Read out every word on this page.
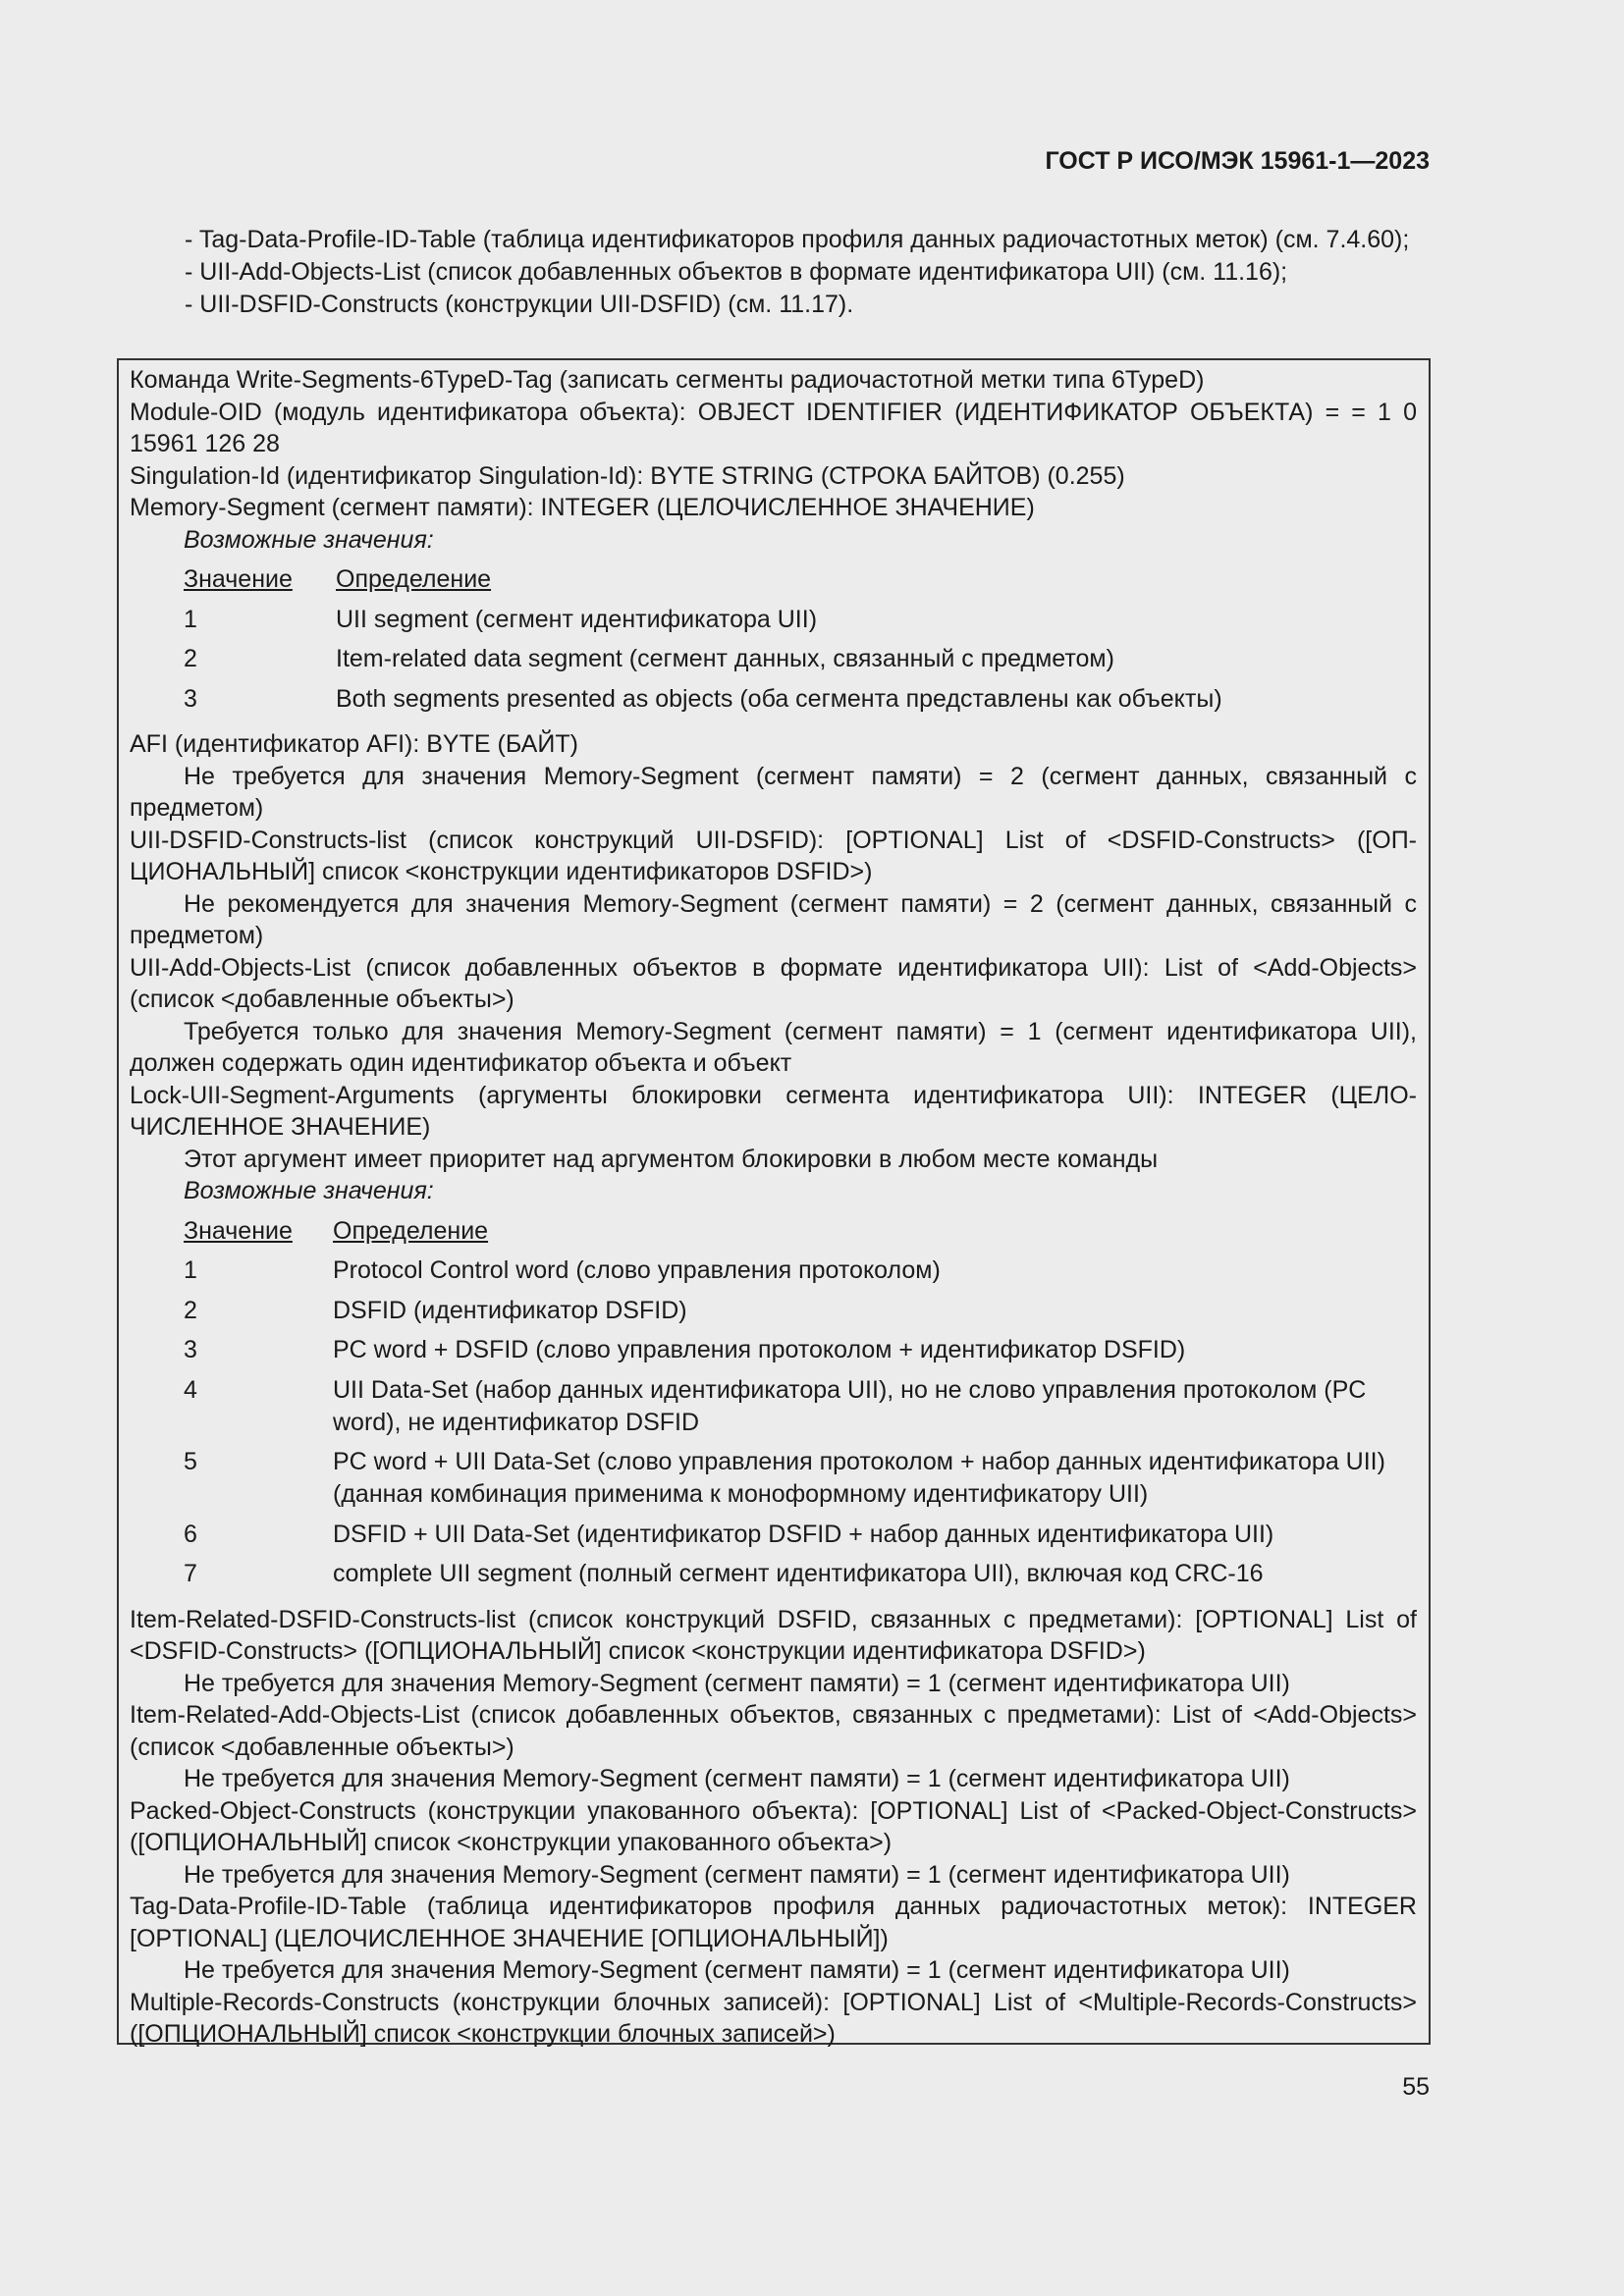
ГОСТ Р ИСО/МЭК 15961-1—2023

- Tag-Data-Profile-ID-Table (таблица идентификаторов профиля данных радиочастотных меток) (см. 7.4.60);

- UII-Add-Objects-List (список добавленных объектов в формате идентификатора UII) (см. 11.16);

- UII-DSFID-Constructs (конструкции UII-DSFID) (см. 11.17).

Команда Write-Segments-6TypeD-Tag (записать сегменты радиочастотной метки типа 6TypeD)

Module-OID (модуль идентификатора объекта): OBJECT IDENTIFIER (ИДЕНТИФИКАТОР ОБЪЕКТА) = = 1 0 15961 126 28

Singulation-Id (идентификатор Singulation-Id): BYTE STRING (СТРОКА БАЙТОВ) (0.255)

Memory-Segment (сегмент памяти): INTEGER (ЦЕЛОЧИСЛЕННОЕ ЗНАЧЕНИЕ)

Возможные значения:

Значение	Определение
1	UII segment (сегмент идентификатора UII)
2	Item-related data segment (сегмент данных, связанный с предметом)
3	Both segments presented as objects (оба сегмента представлены как объекты)

AFI (идентификатор AFI): BYTE (БАЙТ)

Не требуется для значения Memory-Segment (сегмент памяти) = 2 (сегмент данных, связанный с предметом)

UII-DSFID-Constructs-list (список конструкций UII-DSFID): [OPTIONAL] List of <DSFID-Constructs> ([ОПЦИОНАЛЬНЫЙ] список <конструкции идентификаторов DSFID>)

Не рекомендуется для значения Memory-Segment (сегмент памяти) = 2 (сегмент данных, связанный с предметом)

UII-Add-Objects-List (список добавленных объектов в формате идентификатора UII): List of <Add-Objects> (список <добавленные объекты>)

Требуется только для значения Memory-Segment (сегмент памяти) = 1 (сегмент идентификатора UII), должен содержать один идентификатор объекта и объект

Lock-UII-Segment-Arguments (аргументы блокировки сегмента идентификатора UII): INTEGER (ЦЕЛОЧИСЛЕННОЕ ЗНАЧЕНИЕ)

Этот аргумент имеет приоритет над аргументом блокировки в любом месте команды

Возможные значения:

Значение	Определение
1	Protocol Control word (слово управления протоколом)
2	DSFID (идентификатор DSFID)
3	PC word + DSFID (слово управления протоколом + идентификатор DSFID)
4	UII Data-Set (набор данных идентификатора UII), но не слово управления протоколом (PC word), не идентификатор DSFID
5	PC word + UII Data-Set (слово управления протоколом + набор данных идентификатора UII) (данная комбинация применима к моноформному идентификатору UII)
6	DSFID + UII Data-Set (идентификатор DSFID + набор данных идентификатора UII)
7	complete UII segment (полный сегмент идентификатора UII), включая код CRC-16

Item-Related-DSFID-Constructs-list (список конструкций DSFID, связанных с предметами): [OPTIONAL] List of <DSFID-Constructs> ([ОПЦИОНАЛЬНЫЙ] список <конструкции идентификатора DSFID>)

Не требуется для значения Memory-Segment (сегмент памяти) = 1 (сегмент идентификатора UII)

Item-Related-Add-Objects-List (список добавленных объектов, связанных с предметами): List of <Add-Objects> (список <добавленные объекты>)

Не требуется для значения Memory-Segment (сегмент памяти) = 1 (сегмент идентификатора UII)

Packed-Object-Constructs (конструкции упакованного объекта): [OPTIONAL] List of <Packed-Object-Constructs> ([ОПЦИОНАЛЬНЫЙ] список <конструкции упакованного объекта>)

Не требуется для значения Memory-Segment (сегмент памяти) = 1 (сегмент идентификатора UII)

Tag-Data-Profile-ID-Table (таблица идентификаторов профиля данных радиочастотных меток): INTEGER [OPTIONAL] (ЦЕЛОЧИСЛЕННОЕ ЗНАЧЕНИЕ [ОПЦИОНАЛЬНЫЙ])

Не требуется для значения Memory-Segment (сегмент памяти) = 1 (сегмент идентификатора UII)

Multiple-Records-Constructs (конструкции блочных записей): [OPTIONAL] List of <Multiple-Records-Constructs> ([ОПЦИОНАЛЬНЫЙ] список <конструкции блочных записей>)

55
